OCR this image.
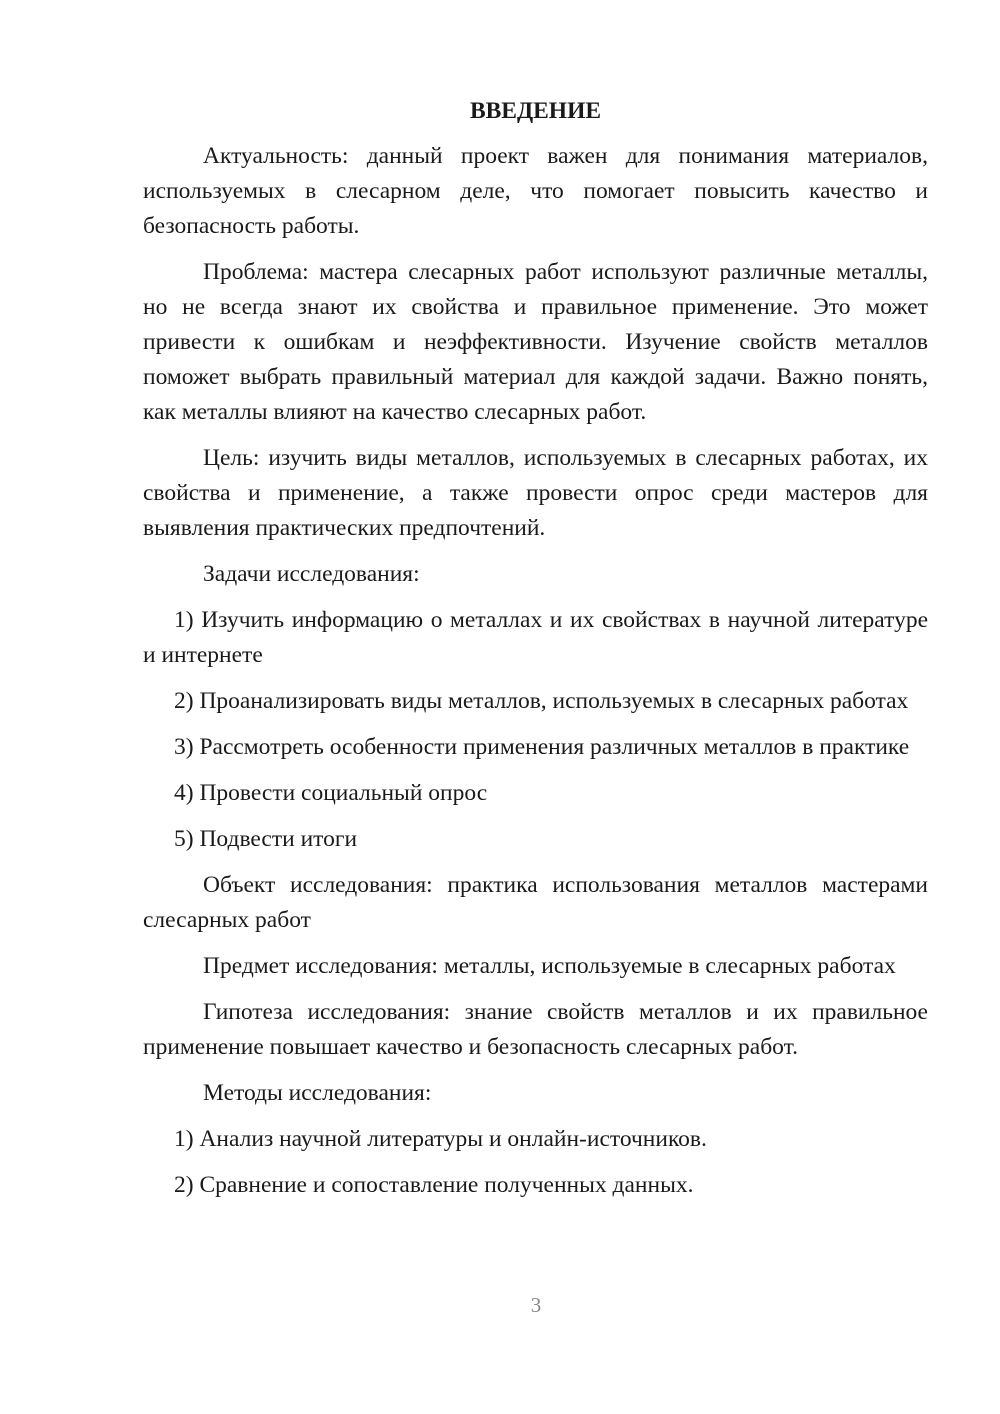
ВВЕДЕНИЕ
Актуальность: данный проект важен для понимания материалов, используемых в слесарном деле, что помогает повысить качество и безопасность работы.
Проблема: мастера слесарных работ используют различные металлы, но не всегда знают их свойства и правильное применение. Это может привести к ошибкам и неэффективности. Изучение свойств металлов поможет выбрать правильный материал для каждой задачи. Важно понять, как металлы влияют на качество слесарных работ.
Цель: изучить виды металлов, используемых в слесарных работах, их свойства и применение, а также провести опрос среди мастеров для выявления практических предпочтений.
Задачи исследования:
1) Изучить информацию о металлах и их свойствах в научной литературе и интернете
2) Проанализировать виды металлов, используемых в слесарных работах
3) Рассмотреть особенности применения различных металлов в практике
4) Провести социальный опрос
5) Подвести итоги
Объект исследования: практика использования металлов мастерами слесарных работ
Предмет исследования: металлы, используемые в слесарных работах
Гипотеза исследования: знание свойств металлов и их правильное применение повышает качество и безопасность слесарных работ.
Методы исследования:
1) Анализ научной литературы и онлайн-источников.
2) Сравнение и сопоставление полученных данных.
3
